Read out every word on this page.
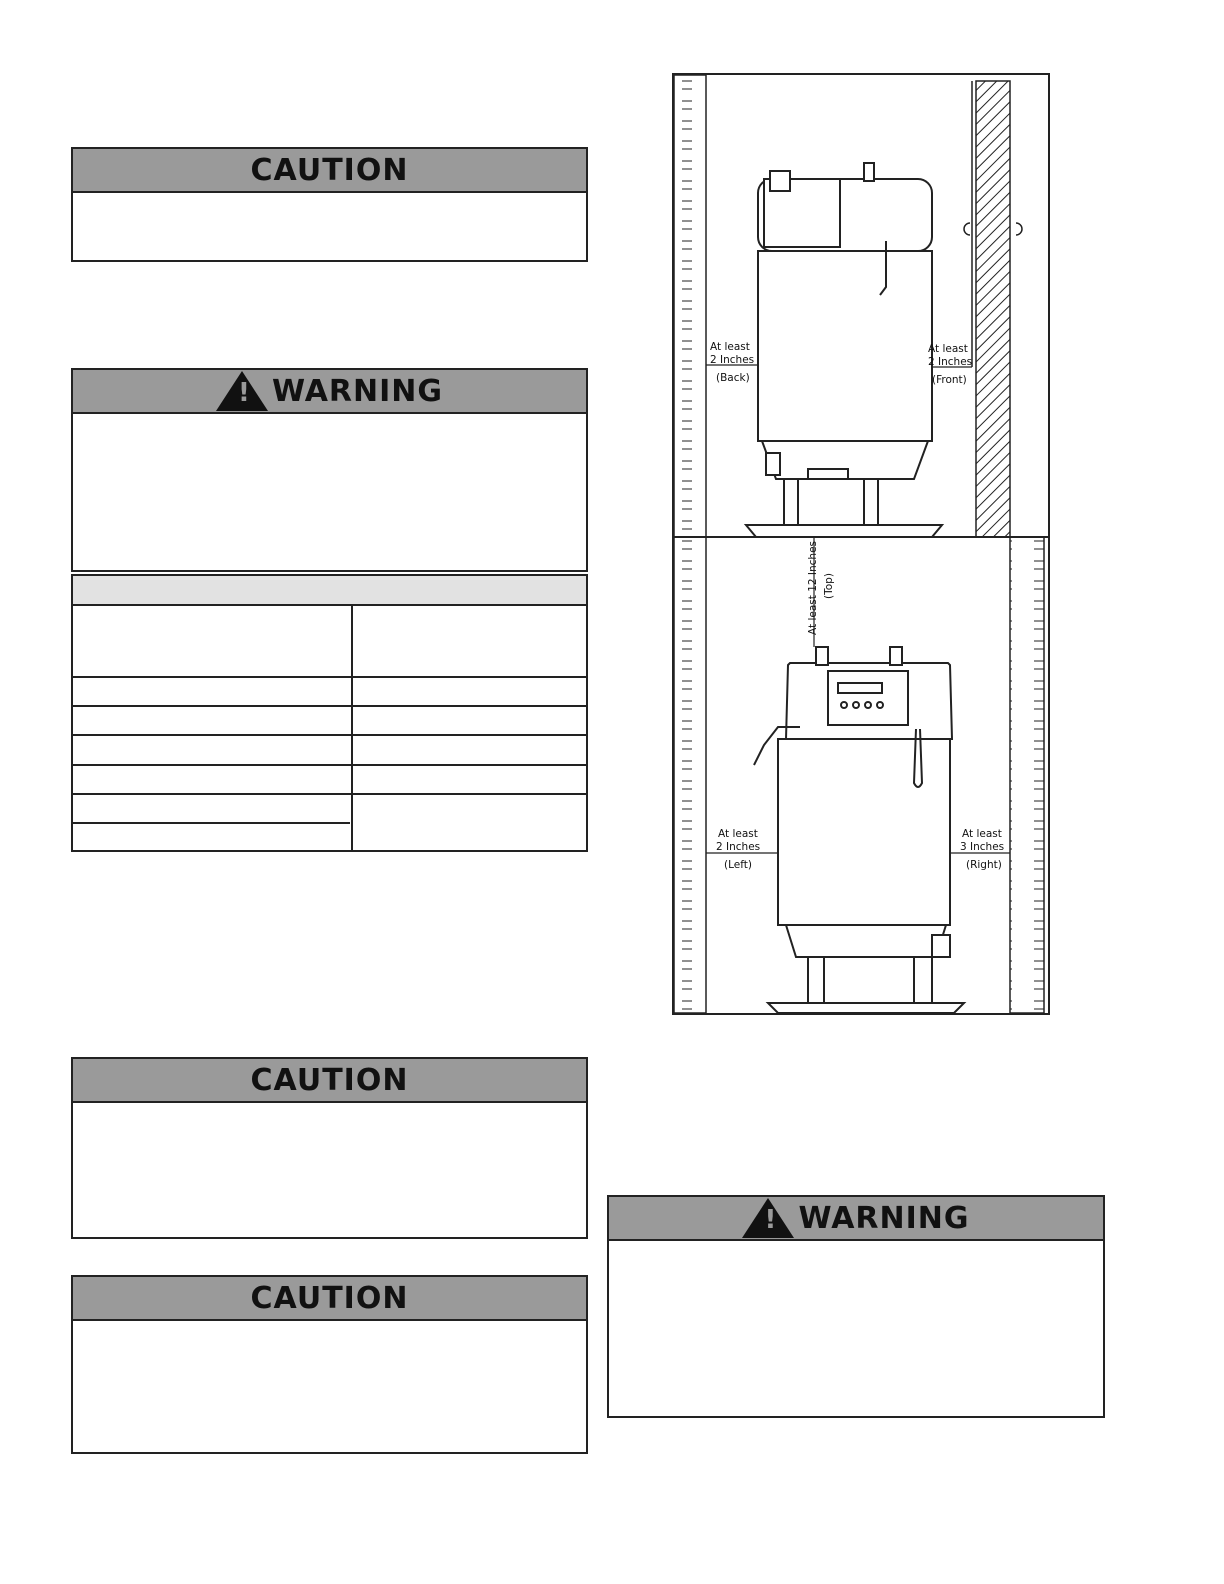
CAUTION
! WARNING
CAUTION
CAUTION
! WARNING
At least
2 Inches
(Back)
At least
2 Inches
(Front)
At least 12 Inches (Top)
At least
2 Inches
(Left)
At least
3 Inches
(Right)
